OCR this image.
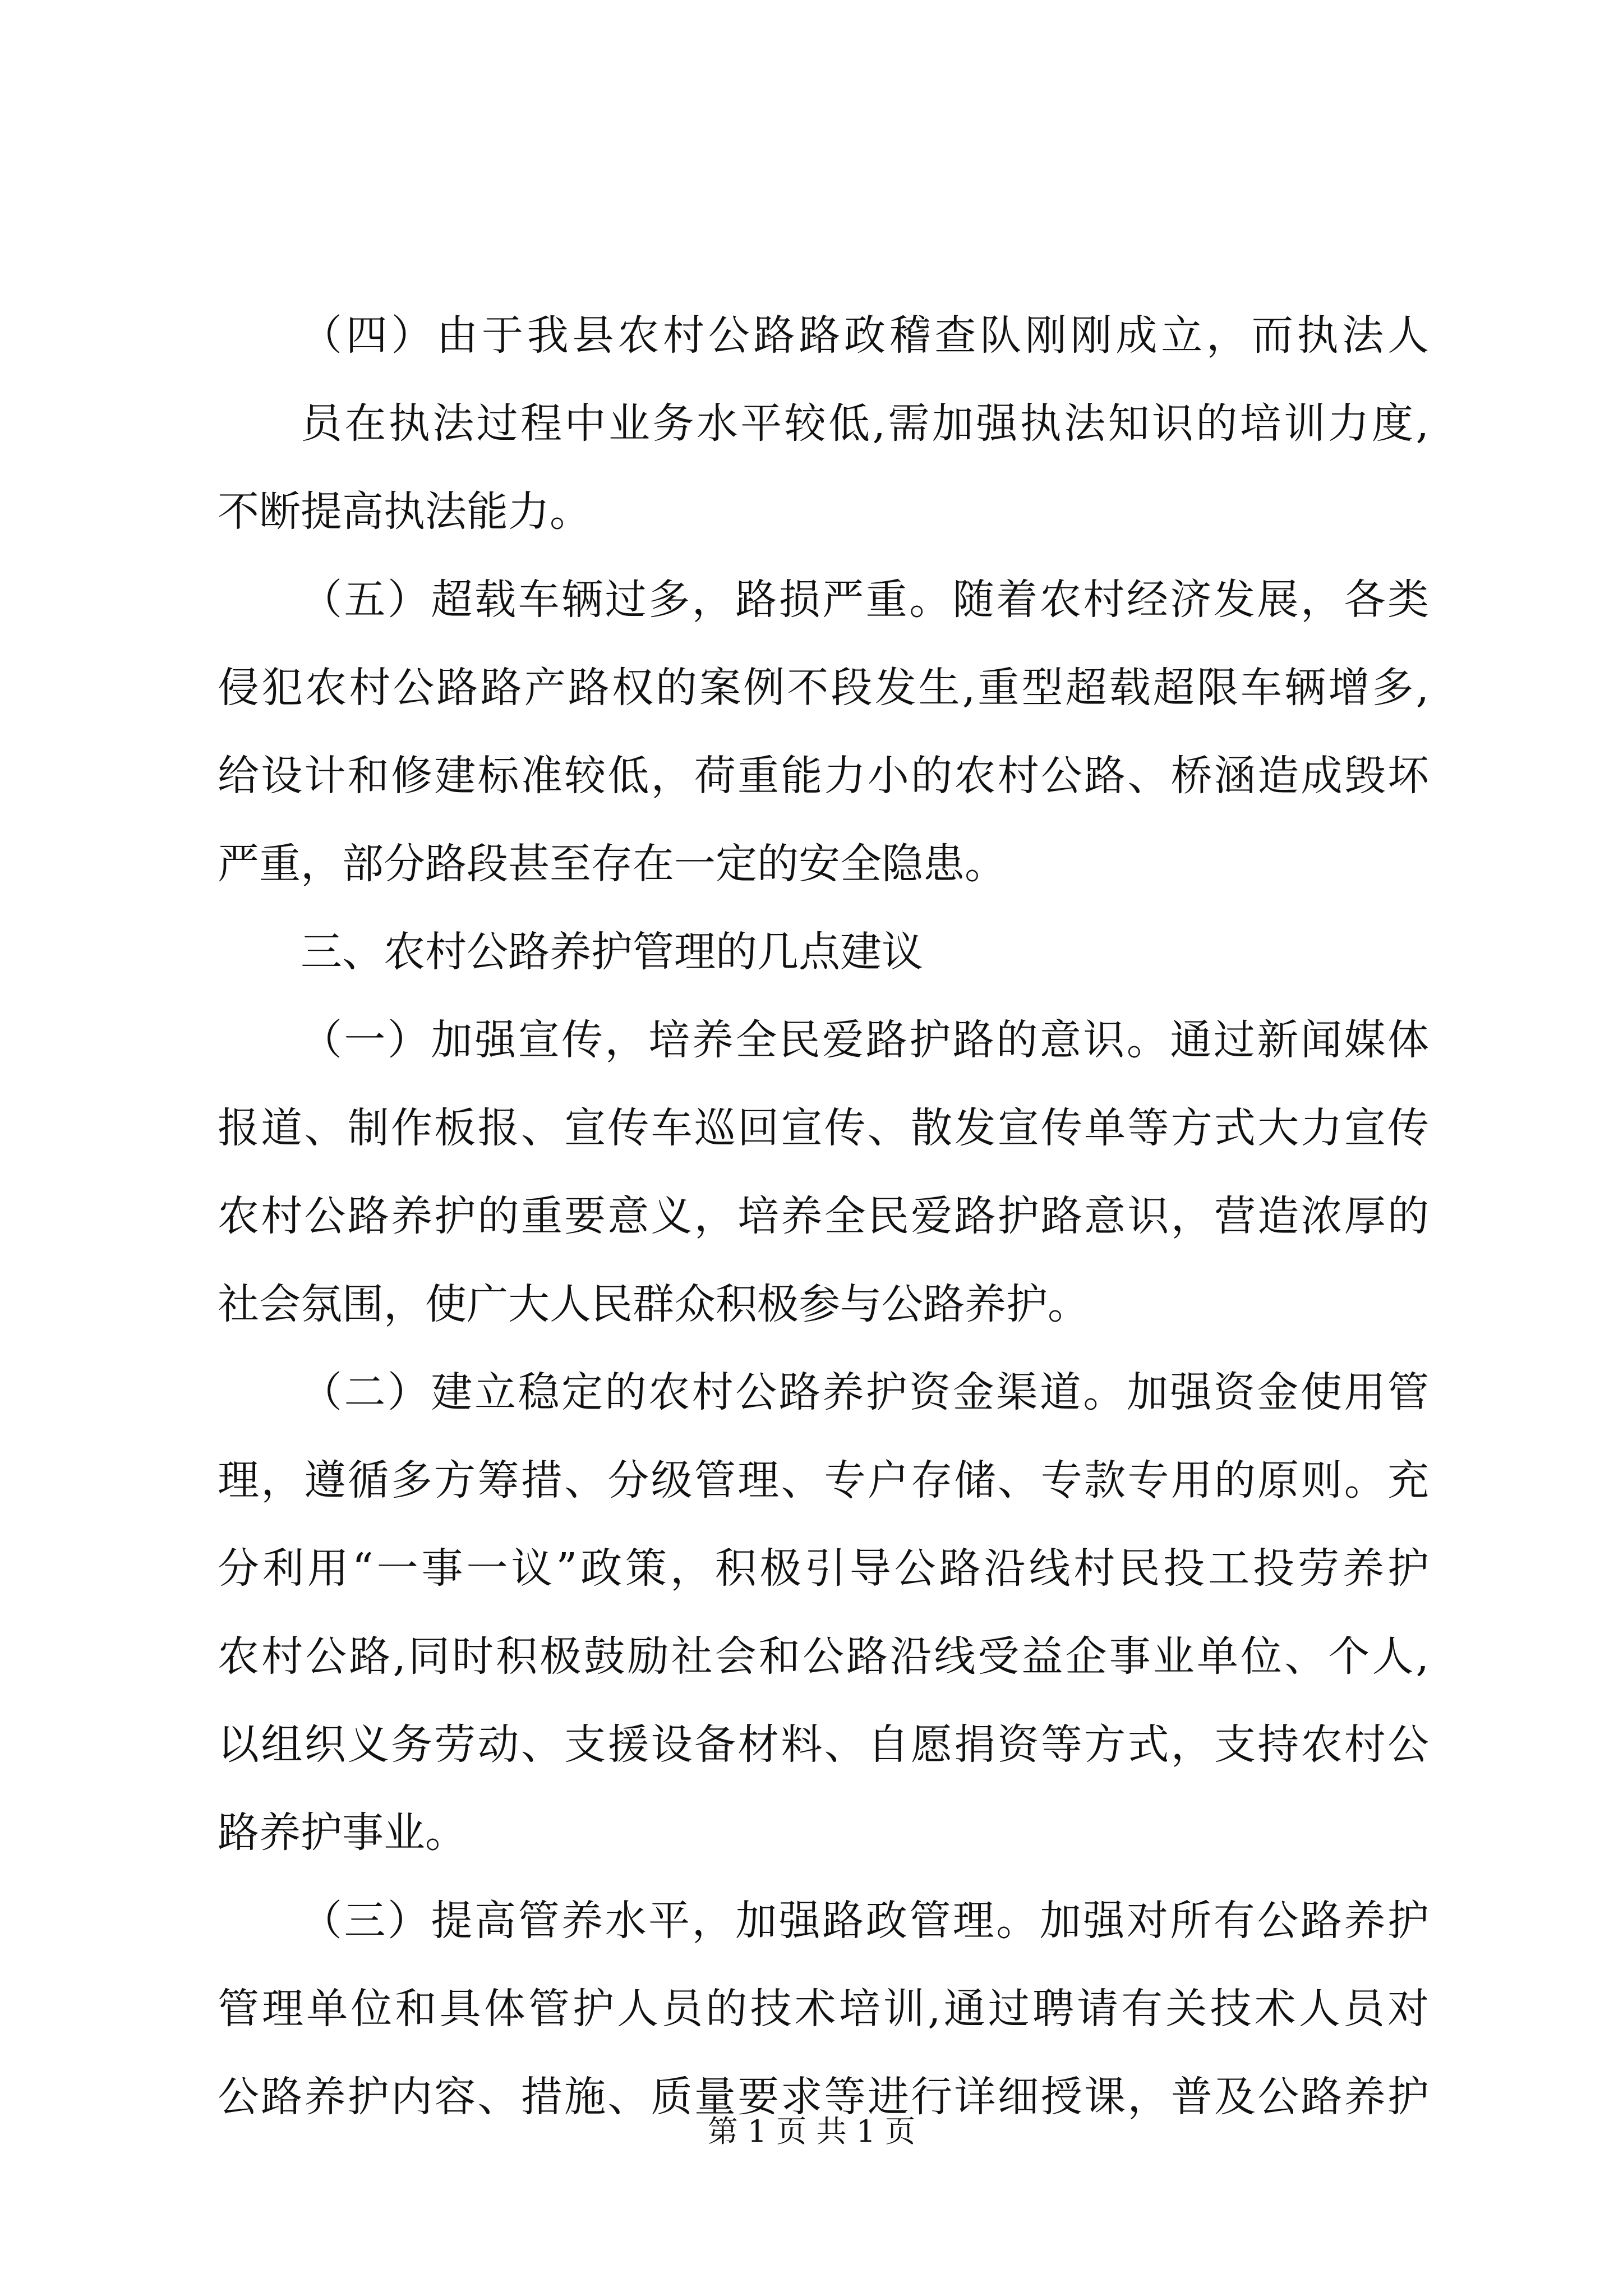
（四）由于我县农村公路路政稽查队刚刚成立，而执法人
员在执法过程中业务水平较低,需加强执法知识的培训力度,
不断提高执法能力。
（五）超载车辆过多，路损严重。随着农村经济发展，各类
侵犯农村公路路产路权的案例不段发生,重型超载超限车辆增多,
给设计和修建标准较低，荷重能力小的农村公路、桥涵造成毁坏
严重，部分路段甚至存在一定的安全隐患。
三、农村公路养护管理的几点建议
（一）加强宣传，培养全民爱路护路的意识。通过新闻媒体
报道、制作板报、宣传车巡回宣传、散发宣传单等方式大力宣传
农村公路养护的重要意义，培养全民爱路护路意识，营造浓厚的
社会氛围，使广大人民群众积极参与公路养护。
（二）建立稳定的农村公路养护资金渠道。加强资金使用管
理，遵循多方筹措、分级管理、专户存储、专款专用的原则。充
分利用“一事一议”政策，积极引导公路沿线村民投工投劳养护
农村公路,同时积极鼓励社会和公路沿线受益企事业单位、个人,
以组织义务劳动、支援设备材料、自愿捐资等方式，支持农村公
路养护事业。
（三）提高管养水平，加强路政管理。加强对所有公路养护
管理单位和具体管护人员的技术培训,通过聘请有关技术人员对
公路养护内容、措施、质量要求等进行详细授课，普及公路养护
第 1 页 共 1 页
